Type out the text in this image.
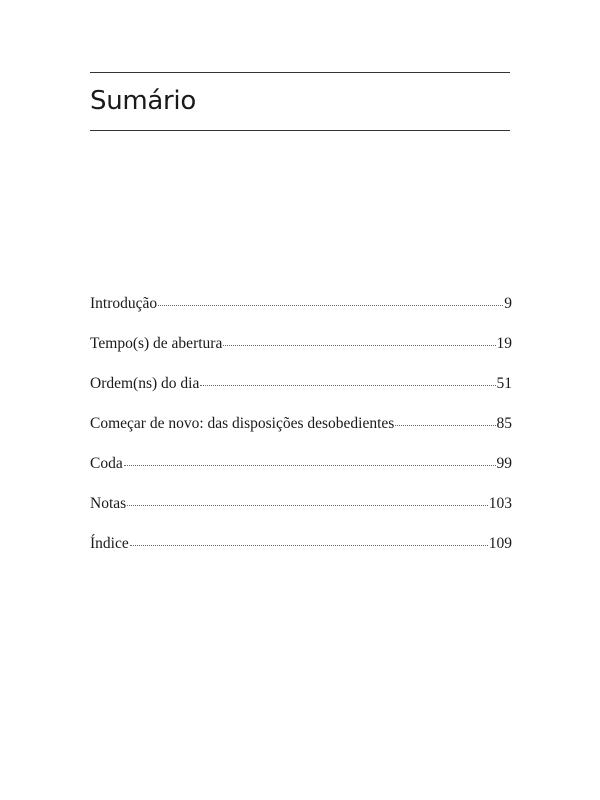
Sumário
Introdução	9
Tempo(s) de abertura	19
Ordem(ns) do dia	51
Começar de novo: das disposições desobedientes	85
Coda	99
Notas	103
Índice	109
